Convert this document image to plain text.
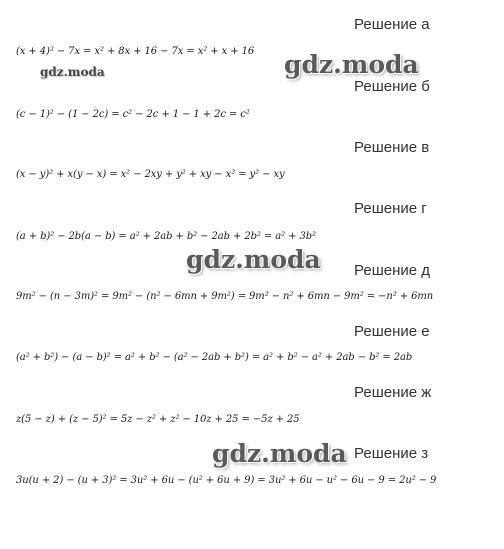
Решение а
(x + 4)² − 7x = x² + 8x + 16 − 7x = x² + x + 16
Решение б
(c − 1)² − (1 − 2c) = c² − 2c + 1 − 1 + 2c = c²
Решение в
(x − y)² + x(y − x) = x² − 2xy + y² + xy − x² = y² − xy
Решение г
(a + b)² − 2b(a − b) = a² + 2ab + b² − 2ab + 2b² = a² + 3b²
Решение д
9m² − (n − 3m)² = 9m² − (n² − 6mn + 9m²) = 9m² − n² + 6mn − 9m² = −n² + 6mn
Решение е
(a² + b²) − (a − b)² = a² + b² − (a² − 2ab + b²) = a² + b² − a² + 2ab − b² = 2ab
Решение ж
z(5 − z) + (z − 5)² = 5z − z² + z² − 10z + 25 = −5z + 25
Решение з
3u(u + 2) − (u + 3)² = 3u² + 6u − (u² + 6u + 9) = 3u² + 6u − u² − 6u − 9 = 2u² − 9
gdz.moda	gdz.moda
gdz.moda
gdz.moda
